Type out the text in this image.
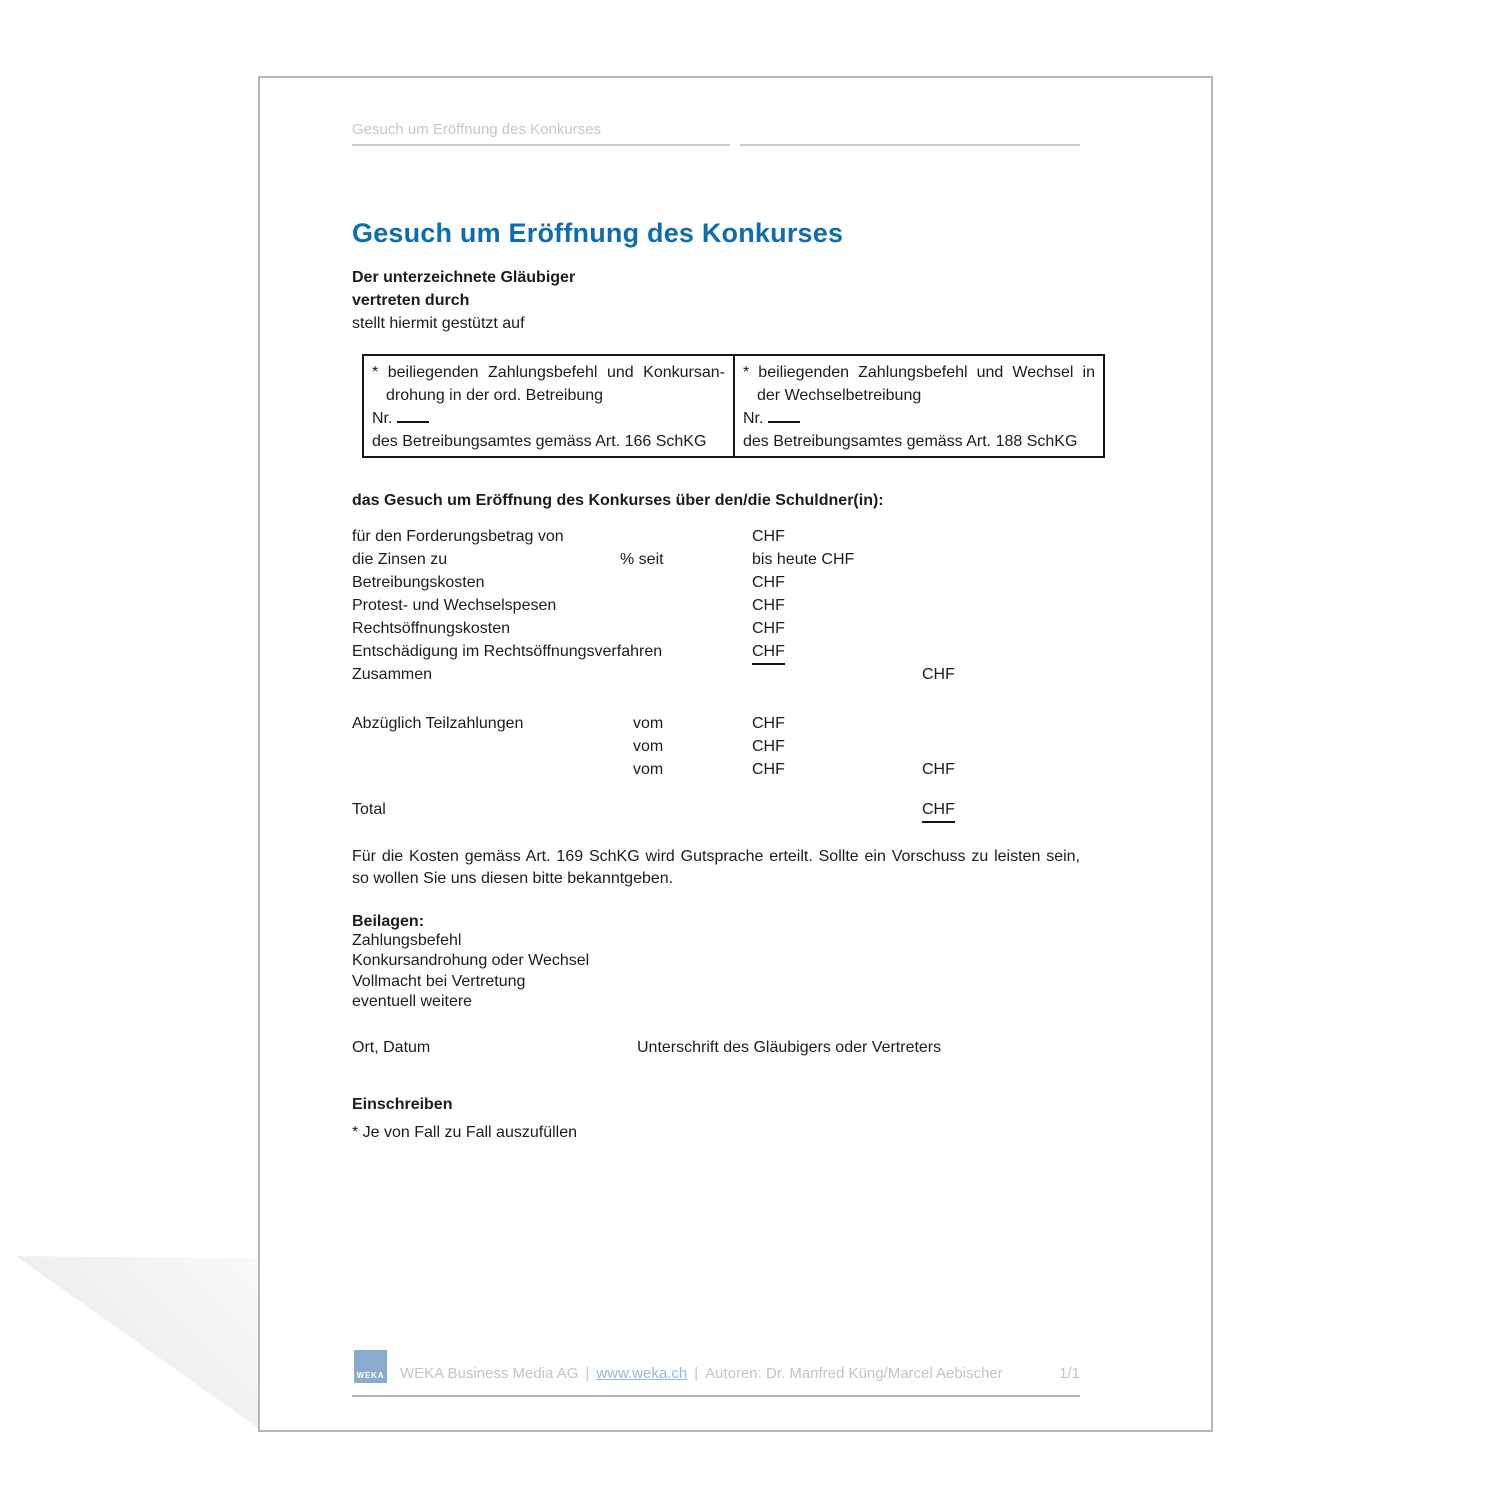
Gesuch um Eröffnung des Konkurses
Gesuch um Eröffnung des Konkurses
Der unterzeichnete Gläubiger
vertreten durch
stellt hiermit gestützt auf
* beiliegenden Zahlungsbefehl und Konkursan-
drohung in der ord. Betreibung
Nr.
des Betreibungsamtes gemäss Art. 166 SchKG
* beiliegenden Zahlungsbefehl und Wechsel in
der Wechselbetreibung
Nr.
des Betreibungsamtes gemäss Art. 188 SchKG
das Gesuch um Eröffnung des Konkurses über den/die Schuldner(in):
für den Forderungsbetrag von	CHF
die Zinsen zu	% seit	bis heute CHF
Betreibungskosten	CHF
Protest- und Wechselspesen	CHF
Rechtsöffnungskosten	CHF
Entschädigung im Rechtsöffnungsverfahren	CHF
Zusammen	CHF
Abzüglich Teilzahlungen	vom	CHF
vom	CHF
vom	CHF	CHF
Total	CHF
Für die Kosten gemäss Art. 169 SchKG wird Gutsprache erteilt. Sollte ein Vorschuss zu leisten sein, so wollen Sie uns diesen bitte bekanntgeben.
Beilagen:
Zahlungsbefehl
Konkursandrohung oder Wechsel
Vollmacht bei Vertretung
eventuell weitere
Ort, Datum	Unterschrift des Gläubigers oder Vertreters
Einschreiben
* Je von Fall zu Fall auszufüllen
WEKA WEKA Business Media AG | www.weka.ch | Autoren: Dr. Manfred Küng/Marcel Aebischer	1/1
